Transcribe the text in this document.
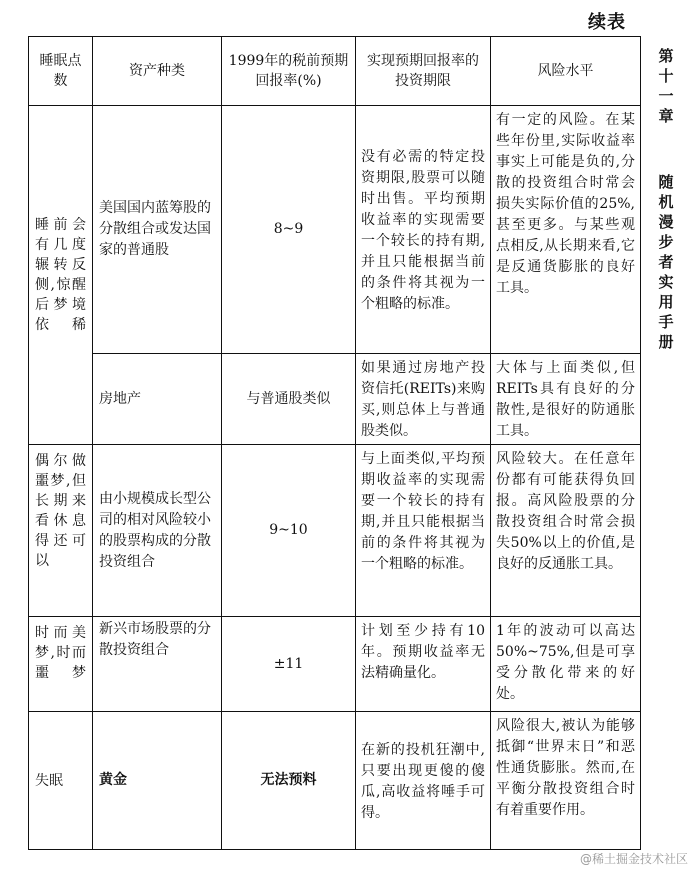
续表
第十一章
随机漫步者实用手册
睡眠点数	资产种类	1999年的税前预期回报率(%)	实现预期回报率的投资期限	风险水平
睡前会有几度辗转反侧,惊醒后梦境依稀	美国国内蓝筹股的分散组合或发达国家的普通股	8~9	没有必需的特定投资期限,股票可以随时出售。平均预期收益率的实现需要一个较长的持有期,并且只能根据当前的条件将其视为一个粗略的标准。	有一定的风险。在某些年份里,实际收益率事实上可能是负的,分散的投资组合时常会损失实际价值的25%,甚至更多。与某些观点相反,从长期来看,它是反通货膨胀的良好工具。
	房地产	与普通股类似	如果通过房地产投资信托(REITs)来购买,则总体上与普通股类似。	大体与上面类似,但REITs具有良好的分散性,是很好的防通胀工具。
偶尔做噩梦,但长期来看休息得还可以	由小规模成长型公司的相对风险较小的股票构成的分散投资组合	9~10	与上面类似,平均预期收益率的实现需要一个较长的持有期,并且只能根据当前的条件将其视为一个粗略的标准。	风险较大。在任意年份都有可能获得负回报。高风险股票的分散投资组合时常会损失50%以上的价值,是良好的反通胀工具。
时而美梦,时而噩梦	新兴市场股票的分散投资组合	±11	计划至少持有10年。预期收益率无法精确量化。	1年的波动可以高达50%~75%,但是可享受分散化带来的好处。
失眠	黄金	无法预料	在新的投机狂潮中,只要出现更傻的傻瓜,高收益将唾手可得。	风险很大,被认为能够抵御“世界末日”和恶性通货膨胀。然而,在平衡分散投资组合时有着重要作用。
@稀土掘金技术社区
